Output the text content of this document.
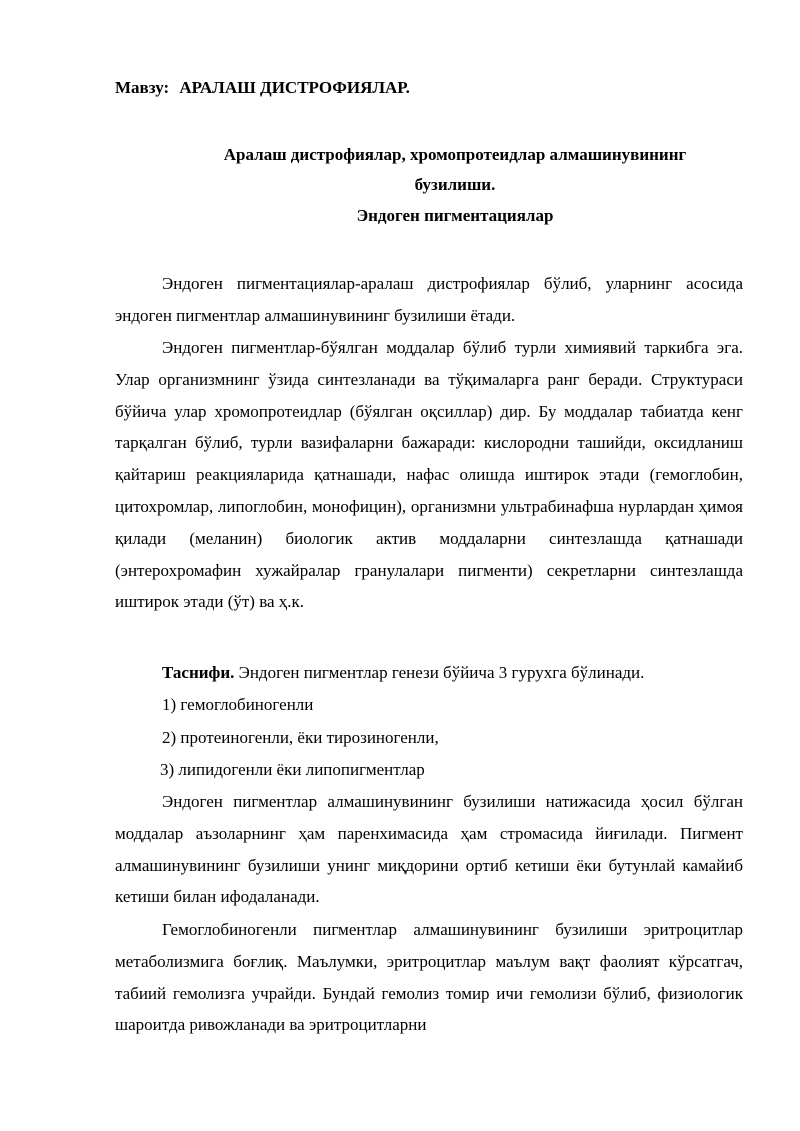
Мавзу: АРАЛАШ ДИСТРОФИЯЛАР.
Аралаш дистрофиялар, хромопротеидлар алмашинувининг
бузилиши.
Эндоген пигментациялар

Эндоген пигментациялар-аралаш дистрофиялар бўлиб, уларнинг асосида эндоген пигментлар алмашинувининг бузилиши ётади.

Эндоген пигментлар-бўялган моддалар бўлиб турли химиявий таркибга эга. Улар организмнинг ўзида синтезланади ва тўқималарга ранг беради. Структураси бўйича улар хромопротеидлар (бўялган оқсиллар) дир. Бу моддалар табиатда кенг тарқалган бўлиб, турли вазифаларни бажаради: кислородни ташийди, оксидланиш қайтариш реакцияларида қатнашади, нафас олишда иштирок этади (гемоглобин, цитохромлар, липоглобин, монофицин), организмни ультрабинафша нурлардан ҳимоя қилади (меланин) биологик актив моддаларни синтезлашда қатнашади (энтерохромафин хужайралар гранулалари пигменти) секретларни синтезлашда иштирок этади (ўт) ва ҳ.к.

Таснифи. Эндоген пигментлар генези бўйича 3 гурухга бўлинади.
1) гемоглобиногенли
2) протеиногенли, ёки тирозиногенли,
3) липидогенли ёки липопигментлар

Эндоген пигментлар алмашинувининг бузилиши натижасида ҳосил бўлган моддалар аъзоларнинг ҳам паренхимасида ҳам стромасида йиғилади. Пигмент алмашинувининг бузилиши унинг миқдорини ортиб кетиши ёки бутунлай камайиб кетиши билан ифодаланади.

Гемоглобиногенли пигментлар алмашинувининг бузилиши эритроцитлар метаболизмига боғлиқ. Маълумки, эритроцитлар маълум вақт фаолият кўрсатгач, табиий гемолизга учрайди. Бундай гемолиз томир ичи гемолизи бўлиб, физиологик шароитда ривожланади ва эритроцитларни
